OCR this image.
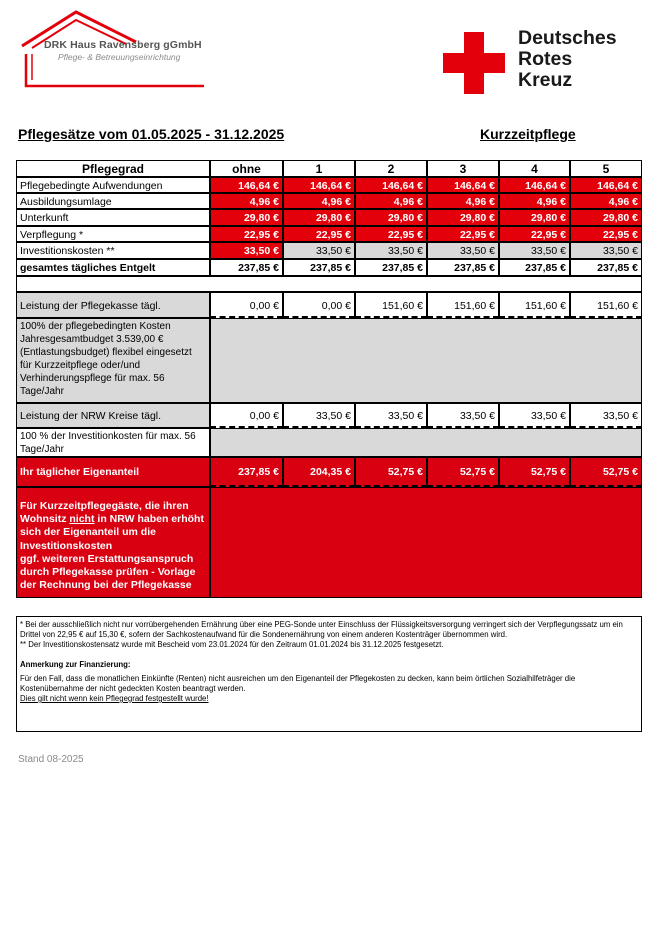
DRK Haus Ravensberg gGmbH
Pflege- & Betreuungseinrichtung
Deutsches
Rotes
Kreuz
Pflegesätze vom 01.05.2025 - 31.12.2025	Kurzzeitpflege

* Bei der ausschließlich nicht nur vorrübergehenden Ernährung über eine PEG-Sonde unter Einschluss der Flüssigkeitsversorgung verringert sich der Verpflegungssatz um ein Drittel von 22,95 € auf 15,30 €, sofern der Sachkostenaufwand für die Sondenernährung von einem anderen Kostenträger übernommen wird.

** Der Investitionskostensatz wurde mit Bescheid vom 23.01.2024 für den Zeitraum 01.01.2024 bis 31.12.2025 festgesetzt.

Anmerkung zur Finanzierung:

Für den Fall, dass die monatlichen Einkünfte (Renten) nicht ausreichen um den Eigenanteil der Pflegekosten zu decken, kann beim örtlichen Sozialhilfeträger die Kostenübernahme der nicht gedeckten Kosten beantragt werden.

Dies gilt nicht wenn kein Pflegegrad festgestellt wurde!

Stand 08-2025
Pflegegrad	ohne	1	2	3	4	5
Pflegebedingte Aufwendungen	146,64 €	146,64 €	146,64 €	146,64 €	146,64 €	146,64 €
Ausbildungsumlage	4,96 €	4,96 €	4,96 €	4,96 €	4,96 €	4,96 €
Unterkunft	29,80 €	29,80 €	29,80 €	29,80 €	29,80 €	29,80 €
Verpflegung *	22,95 €	22,95 €	22,95 €	22,95 €	22,95 €	22,95 €
Investitionskosten **	33,50 €	33,50 €	33,50 €	33,50 €	33,50 €	33,50 €
gesamtes tägliches Entgelt	237,85 €	237,85 €	237,85 €	237,85 €	237,85 €	237,85 €
Leistung der Pflegekasse tägl.	0,00 €	0,00 €	151,60 €	151,60 €	151,60 €	151,60 €
100% der pflegebedingten Kosten Jahresgesamtbudget 3.539,00 € (Entlastungsbudget) flexibel eingesetzt für Kurzzeitpflege oder/und Verhinderungspflege für max. 56 Tage/Jahr
Leistung der NRW Kreise tägl.	0,00 €	33,50 €	33,50 €	33,50 €	33,50 €	33,50 €
100 % der Investitionkosten für max. 56 Tage/Jahr
Ihr täglicher Eigenanteil	237,85 €	204,35 €	52,75 €	52,75 €	52,75 €	52,75 €
Für Kurzzeitpflegegäste, die ihren Wohnsitz nicht in NRW haben erhöht sich der Eigenanteil um die Investitionskosten
ggf. weiteren Erstattungsanspruch durch Pflegekasse prüfen - Vorlage der Rechnung bei der Pflegekasse
